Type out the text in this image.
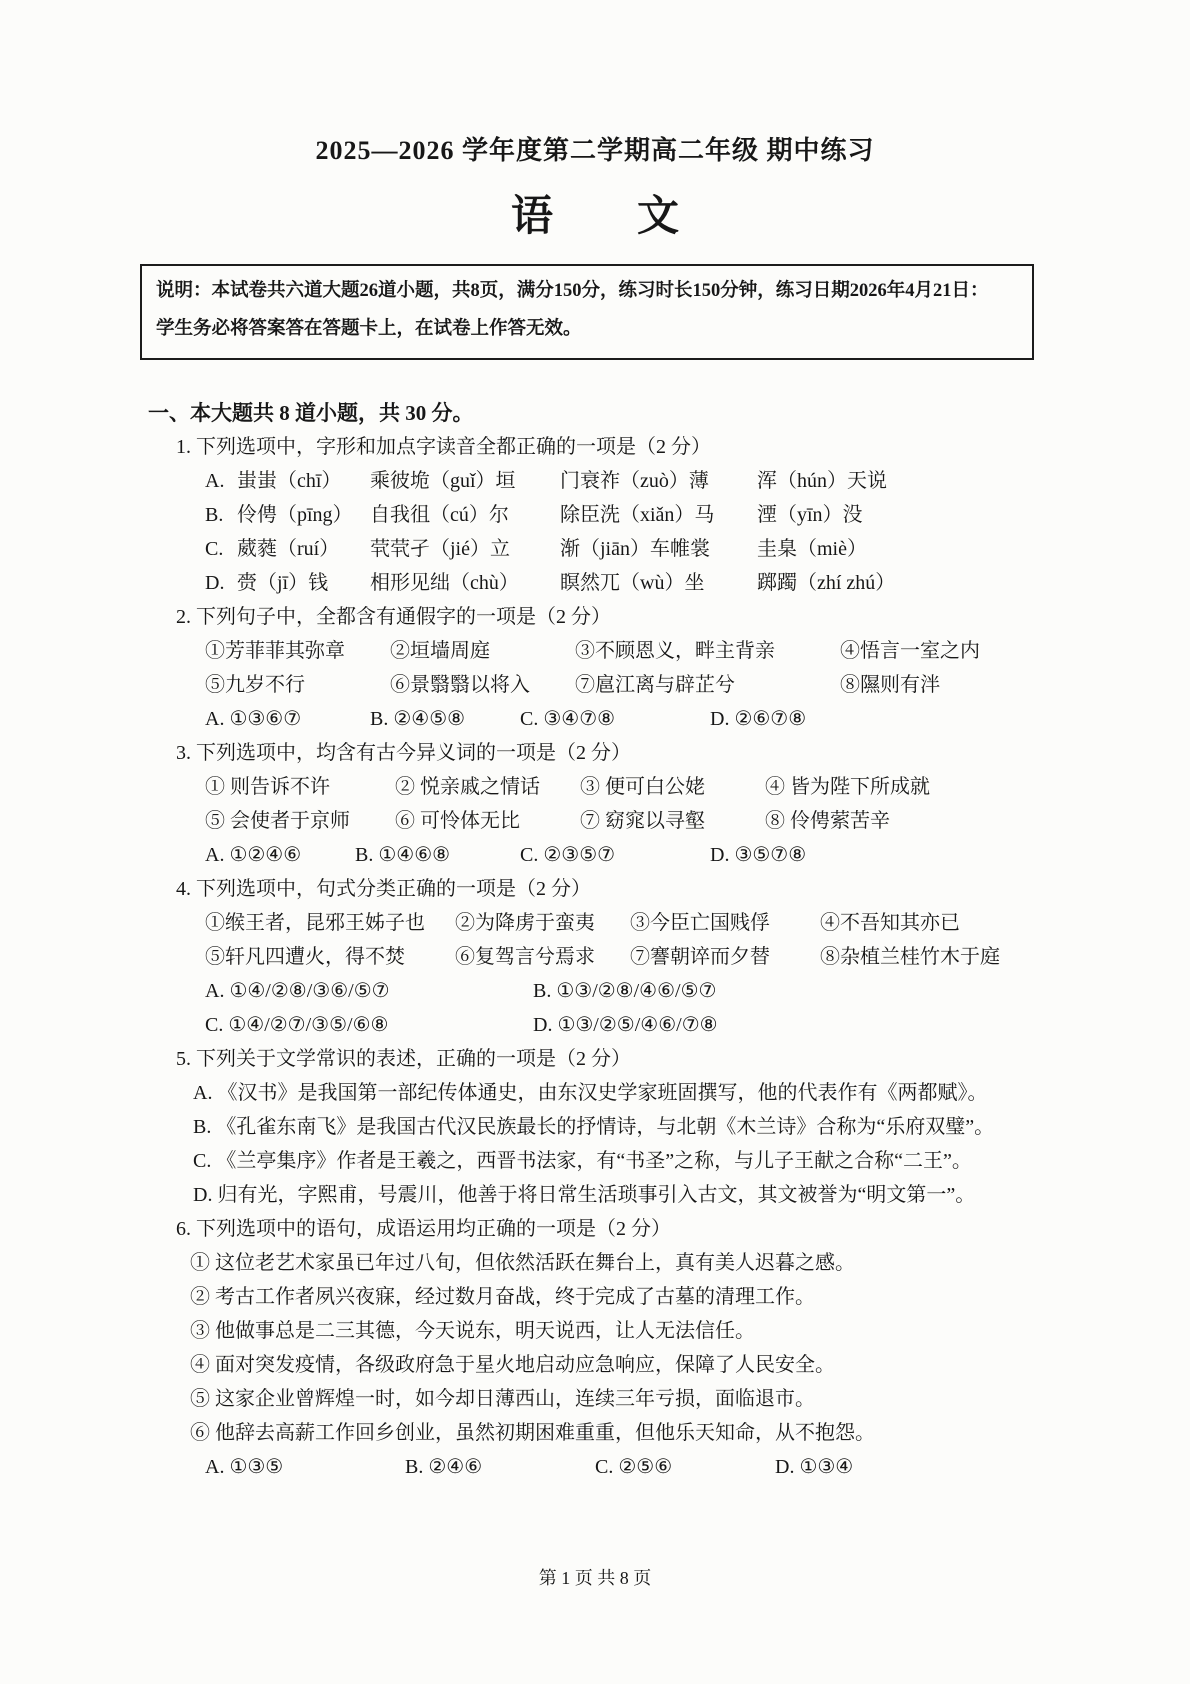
2025—2026 学年度第二学期高二年级 期中练习
语　　文
说明：本试卷共六道大题26道小题，共8页，满分150分，练习时长150分钟，练习日期2026年4月21日：
学生务必将答案答在答题卡上，在试卷上作答无效。
一、本大题共 8 道小题，共 30 分。
1. 下列选项中，字形和加点字读音全都正确的一项是（2 分）
A. 蚩蚩（chī）	乘彼垝（guǐ）垣	门衰祚（zuò）薄	浑（hún）天说
B. 伶俜（pīng） 自我徂（cú）尔	除臣洗（xiǎn）马	湮（yīn）没
C. 葳蕤（ruí）	茕茕孑（jié）立	渐（jiān）车帷裳	圭臬（miè）
D. 赍（jī）钱	相形见绌（chù）	瞑然兀（wù）坐	踯躅（zhí zhú）
2. 下列句子中，全都含有通假字的一项是（2 分）
①芳菲菲其弥章	②垣墙周庭	③不顾恩义，畔主背亲	④悟言一室之内
⑤九岁不行	⑥景翳翳以将入	⑦扈江离与辟芷兮	⑧隰则有泮
A. ①③⑥⑦	B. ②④⑤⑧	C. ③④⑦⑧	D. ②⑥⑦⑧
3. 下列选项中，均含有古今异义词的一项是（2 分）
① 则告诉不许	② 悦亲戚之情话	③ 便可白公姥	④ 皆为陛下所成就
⑤ 会使者于京师	⑥ 可怜体无比	⑦ 窈窕以寻壑	⑧ 伶俜萦苦辛
A. ①②④⑥	B. ①④⑥⑧	C. ②③⑤⑦	D. ③⑤⑦⑧
4. 下列选项中，句式分类正确的一项是（2 分）
①缑王者，昆邪王姊子也	②为降虏于蛮夷	③今臣亡国贱俘	④不吾知其亦已
⑤轩凡四遭火，得不焚	⑥复驾言兮焉求	⑦謇朝谇而夕替	⑧杂植兰桂竹木于庭
A. ①④/②⑧/③⑥/⑤⑦	B. ①③/②⑧/④⑥/⑤⑦
C. ①④/②⑦/③⑤/⑥⑧	D. ①③/②⑤/④⑥/⑦⑧
5. 下列关于文学常识的表述，正确的一项是（2 分）
A. 《汉书》是我国第一部纪传体通史，由东汉史学家班固撰写，他的代表作有《两都赋》。
B. 《孔雀东南飞》是我国古代汉民族最长的抒情诗，与北朝《木兰诗》合称为“乐府双璧”。
C. 《兰亭集序》作者是王羲之，西晋书法家，有“书圣”之称，与儿子王献之合称“二王”。
D. 归有光，字熙甫，号震川，他善于将日常生活琐事引入古文，其文被誉为“明文第一”。
6. 下列选项中的语句，成语运用均正确的一项是（2 分）
① 这位老艺术家虽已年过八旬，但依然活跃在舞台上，真有美人迟暮之感。
② 考古工作者夙兴夜寐，经过数月奋战，终于完成了古墓的清理工作。
③ 他做事总是二三其德，今天说东，明天说西，让人无法信任。
④ 面对突发疫情，各级政府急于星火地启动应急响应，保障了人民安全。
⑤ 这家企业曾辉煌一时，如今却日薄西山，连续三年亏损，面临退市。
⑥ 他辞去高薪工作回乡创业，虽然初期困难重重，但他乐天知命，从不抱怨。
A. ①③⑤	B. ②④⑥	C. ②⑤⑥	D. ①③④
第 1 页 共 8 页
